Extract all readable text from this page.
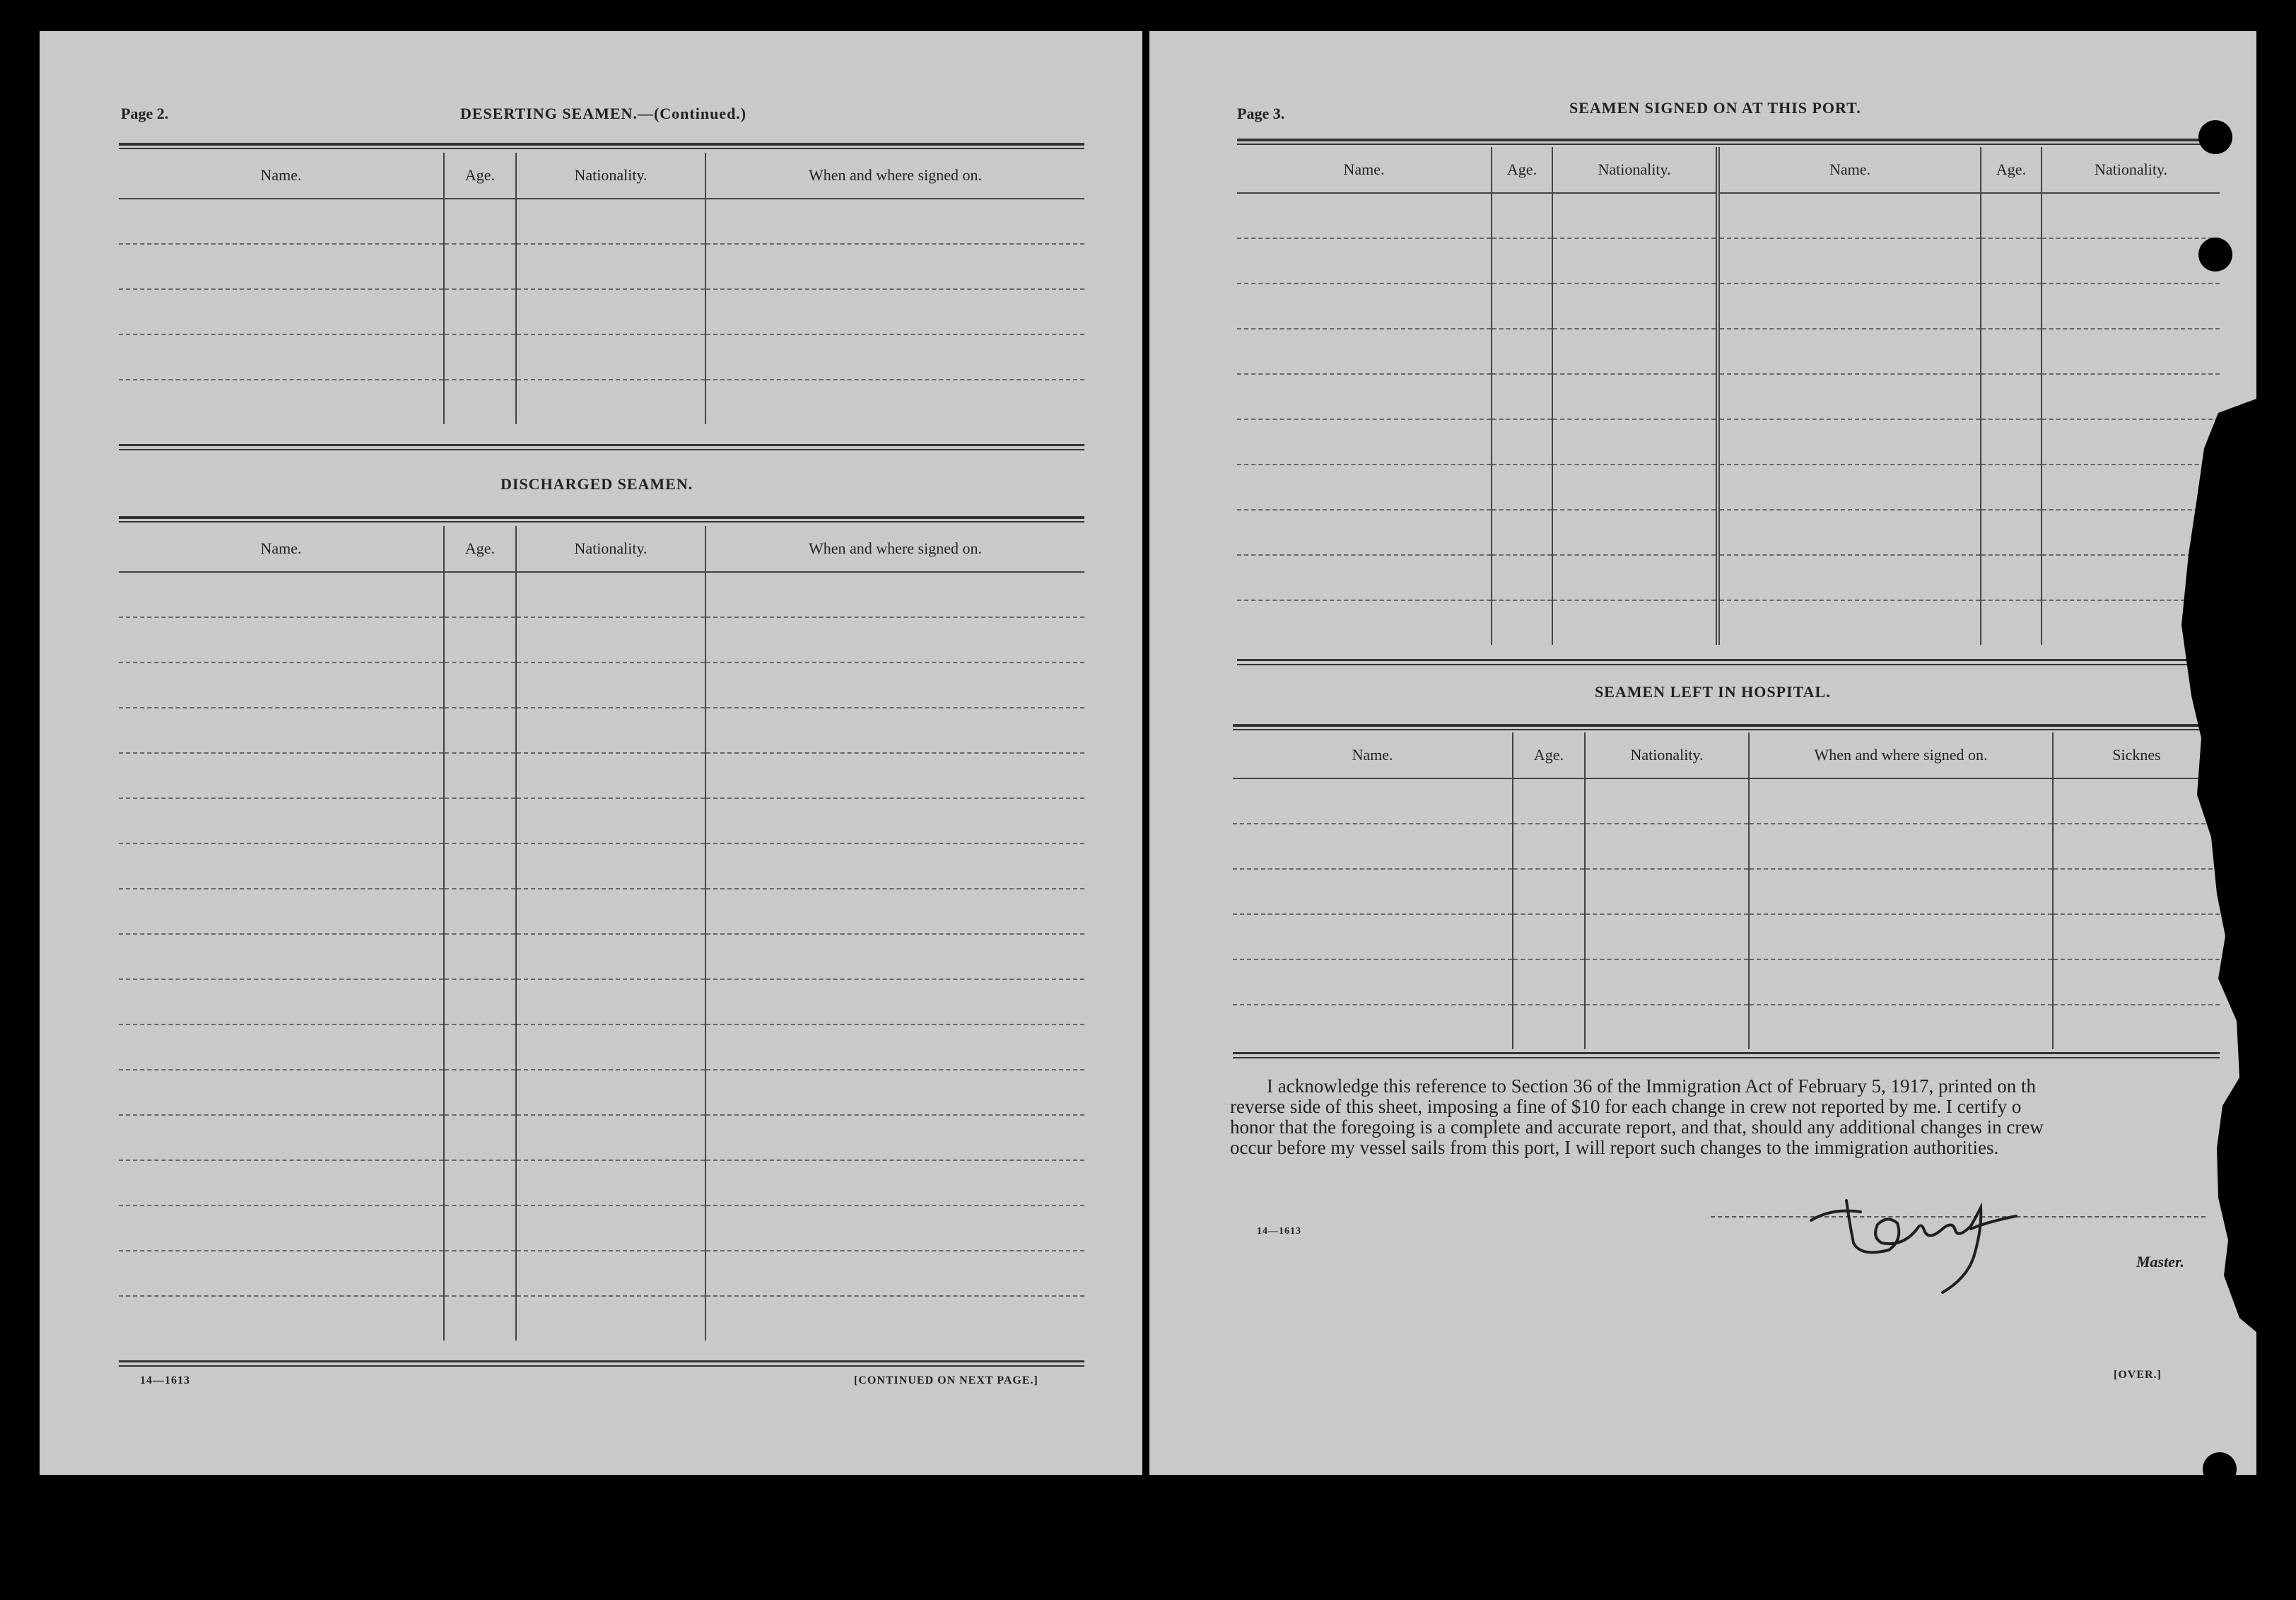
Page 2.	DESERTING SEAMEN.—(Continued.)
Name.	Age.	Nationality.	When and where signed on.

DISCHARGED SEAMEN.
Name.	Age.	Nationality.	When and where signed on.

14—1613	[CONTINUED ON NEXT PAGE.]
Page 3.	SEAMEN SIGNED ON AT THIS PORT.
Name.	Age.	Nationality.	Name.	Age.	Nationality.

SEAMEN LEFT IN HOSPITAL.
Name.	Age.	Nationality.	When and where signed on.	Sicknes

I acknowledge this reference to Section 36 of the Immigration Act of February 5, 1917, printed on th
reverse side of this sheet, imposing a fine of $10 for each change in crew not reported by me. I certify o
honor that the foregoing is a complete and accurate report, and that, should any additional changes in crew
occur before my vessel sails from this port, I will report such changes to the immigration authorities.
14—1613
Master.
[OVER.]
